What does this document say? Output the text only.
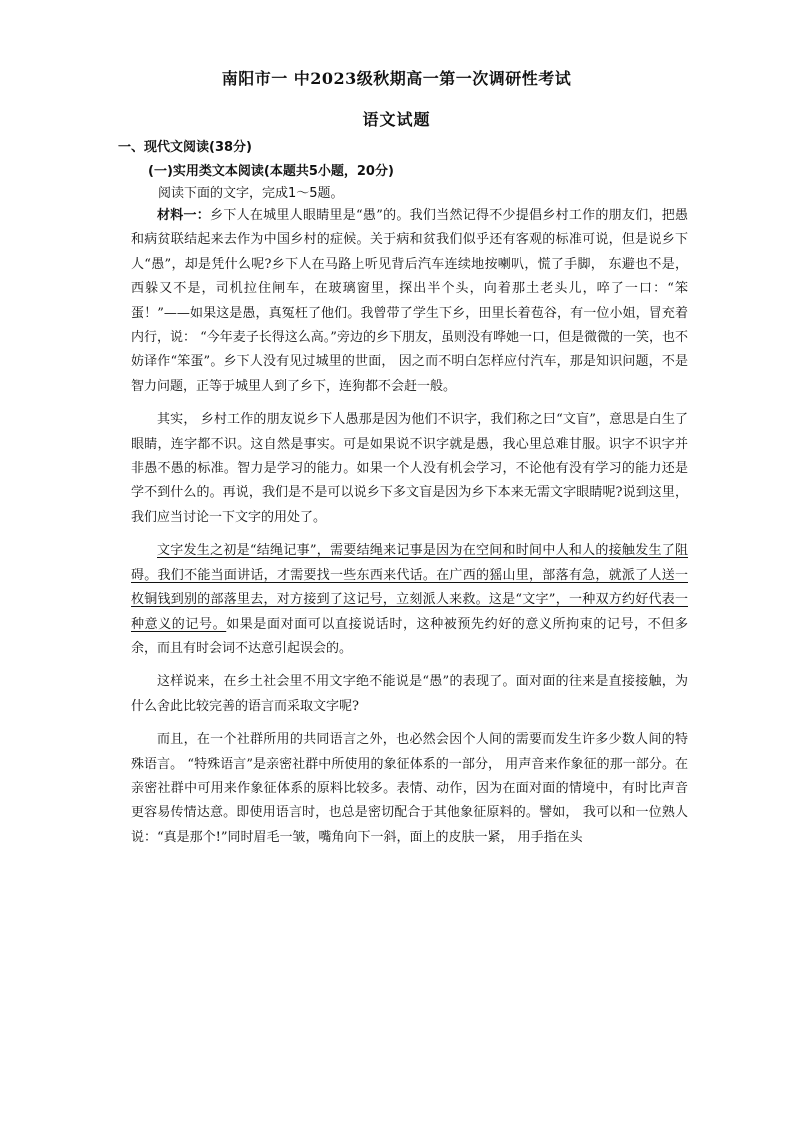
南阳市一 中2023级秋期高一第一次调研性考试
语文试题
一、现代文阅读(38分)
(一)实用类文本阅读(本题共5小题，20分)
阅读下面的文字，完成1～5题。

材料一：乡下人在城里人眼睛里是“愚”的。我们当然记得不少提倡乡村工作的朋友们，把愚和病贫联结起来去作为中国乡村的症候。关于病和贫我们似乎还有客观的标准可说，但是说乡下人“愚”，却是凭什么呢?乡下人在马路上听见背后汽车连续地按喇叭，慌了手脚， 东避也不是，西躲又不是，司机拉住闸车，在玻璃窗里，探出半个头，向着那土老头儿，啐了一口：“笨蛋！”——如果这是愚，真冤枉了他们。我曾带了学生下乡，田里长着苞谷，有一位小姐，冒充着内行，说： “今年麦子长得这么高。”旁边的乡下朋友，虽则没有哗她一口，但是微微的一笑，也不妨译作“笨蛋”。乡下人没有见过城里的世面， 因之而不明白怎样应付汽车，那是知识问题，不是智力问题，正等于城里人到了乡下，连狗都不会赶一般。

其实， 乡村工作的朋友说乡下人愚那是因为他们不识字，我们称之曰“文盲”，意思是白生了眼睛，连字都不识。这自然是事实。可是如果说不识字就是愚，我心里总难甘服。识字不识字并非愚不愚的标准。智力是学习的能力。如果一个人没有机会学习，不论他有没有学习的能力还是学不到什么的。再说，我们是不是可以说乡下多文盲是因为乡下本来无需文字眼睛呢?说到这里，我们应当讨论一下文字的用处了。

文字发生之初是“结绳记事”，需要结绳来记事是因为在空间和时间中人和人的接触发生了阻碍。我们不能当面讲话，才需要找一些东西来代话。在广西的猺山里，部落有急，就派了人送一枚铜钱到别的部落里去，对方接到了这记号，立刻派人来救。这是“文字”，一种双方约好代表一种意义的记号。如果是面对面可以直接说话时，这种被预先约好的意义所拘束的记号，不但多余，而且有时会词不达意引起误会的。

这样说来，在乡土社会里不用文字绝不能说是“愚”的表现了。面对面的往来是直接接触，为什么舍此比较完善的语言而采取文字呢?

而且，在一个社群所用的共同语言之外，也必然会因个人间的需要而发生许多少数人间的特殊语言。 “特殊语言”是亲密社群中所使用的象征体系的一部分， 用声音来作象征的那一部分。在亲密社群中可用来作象征体系的原料比较多。表情、动作，因为在面对面的情境中，有时比声音更容易传情达意。即使用语言时，也总是密切配合于其他象征原料的。譬如， 我可以和一位熟人说：“真是那个!”同时眉毛一皱，嘴角向下一斜，面上的皮肤一紧， 用手指在头
